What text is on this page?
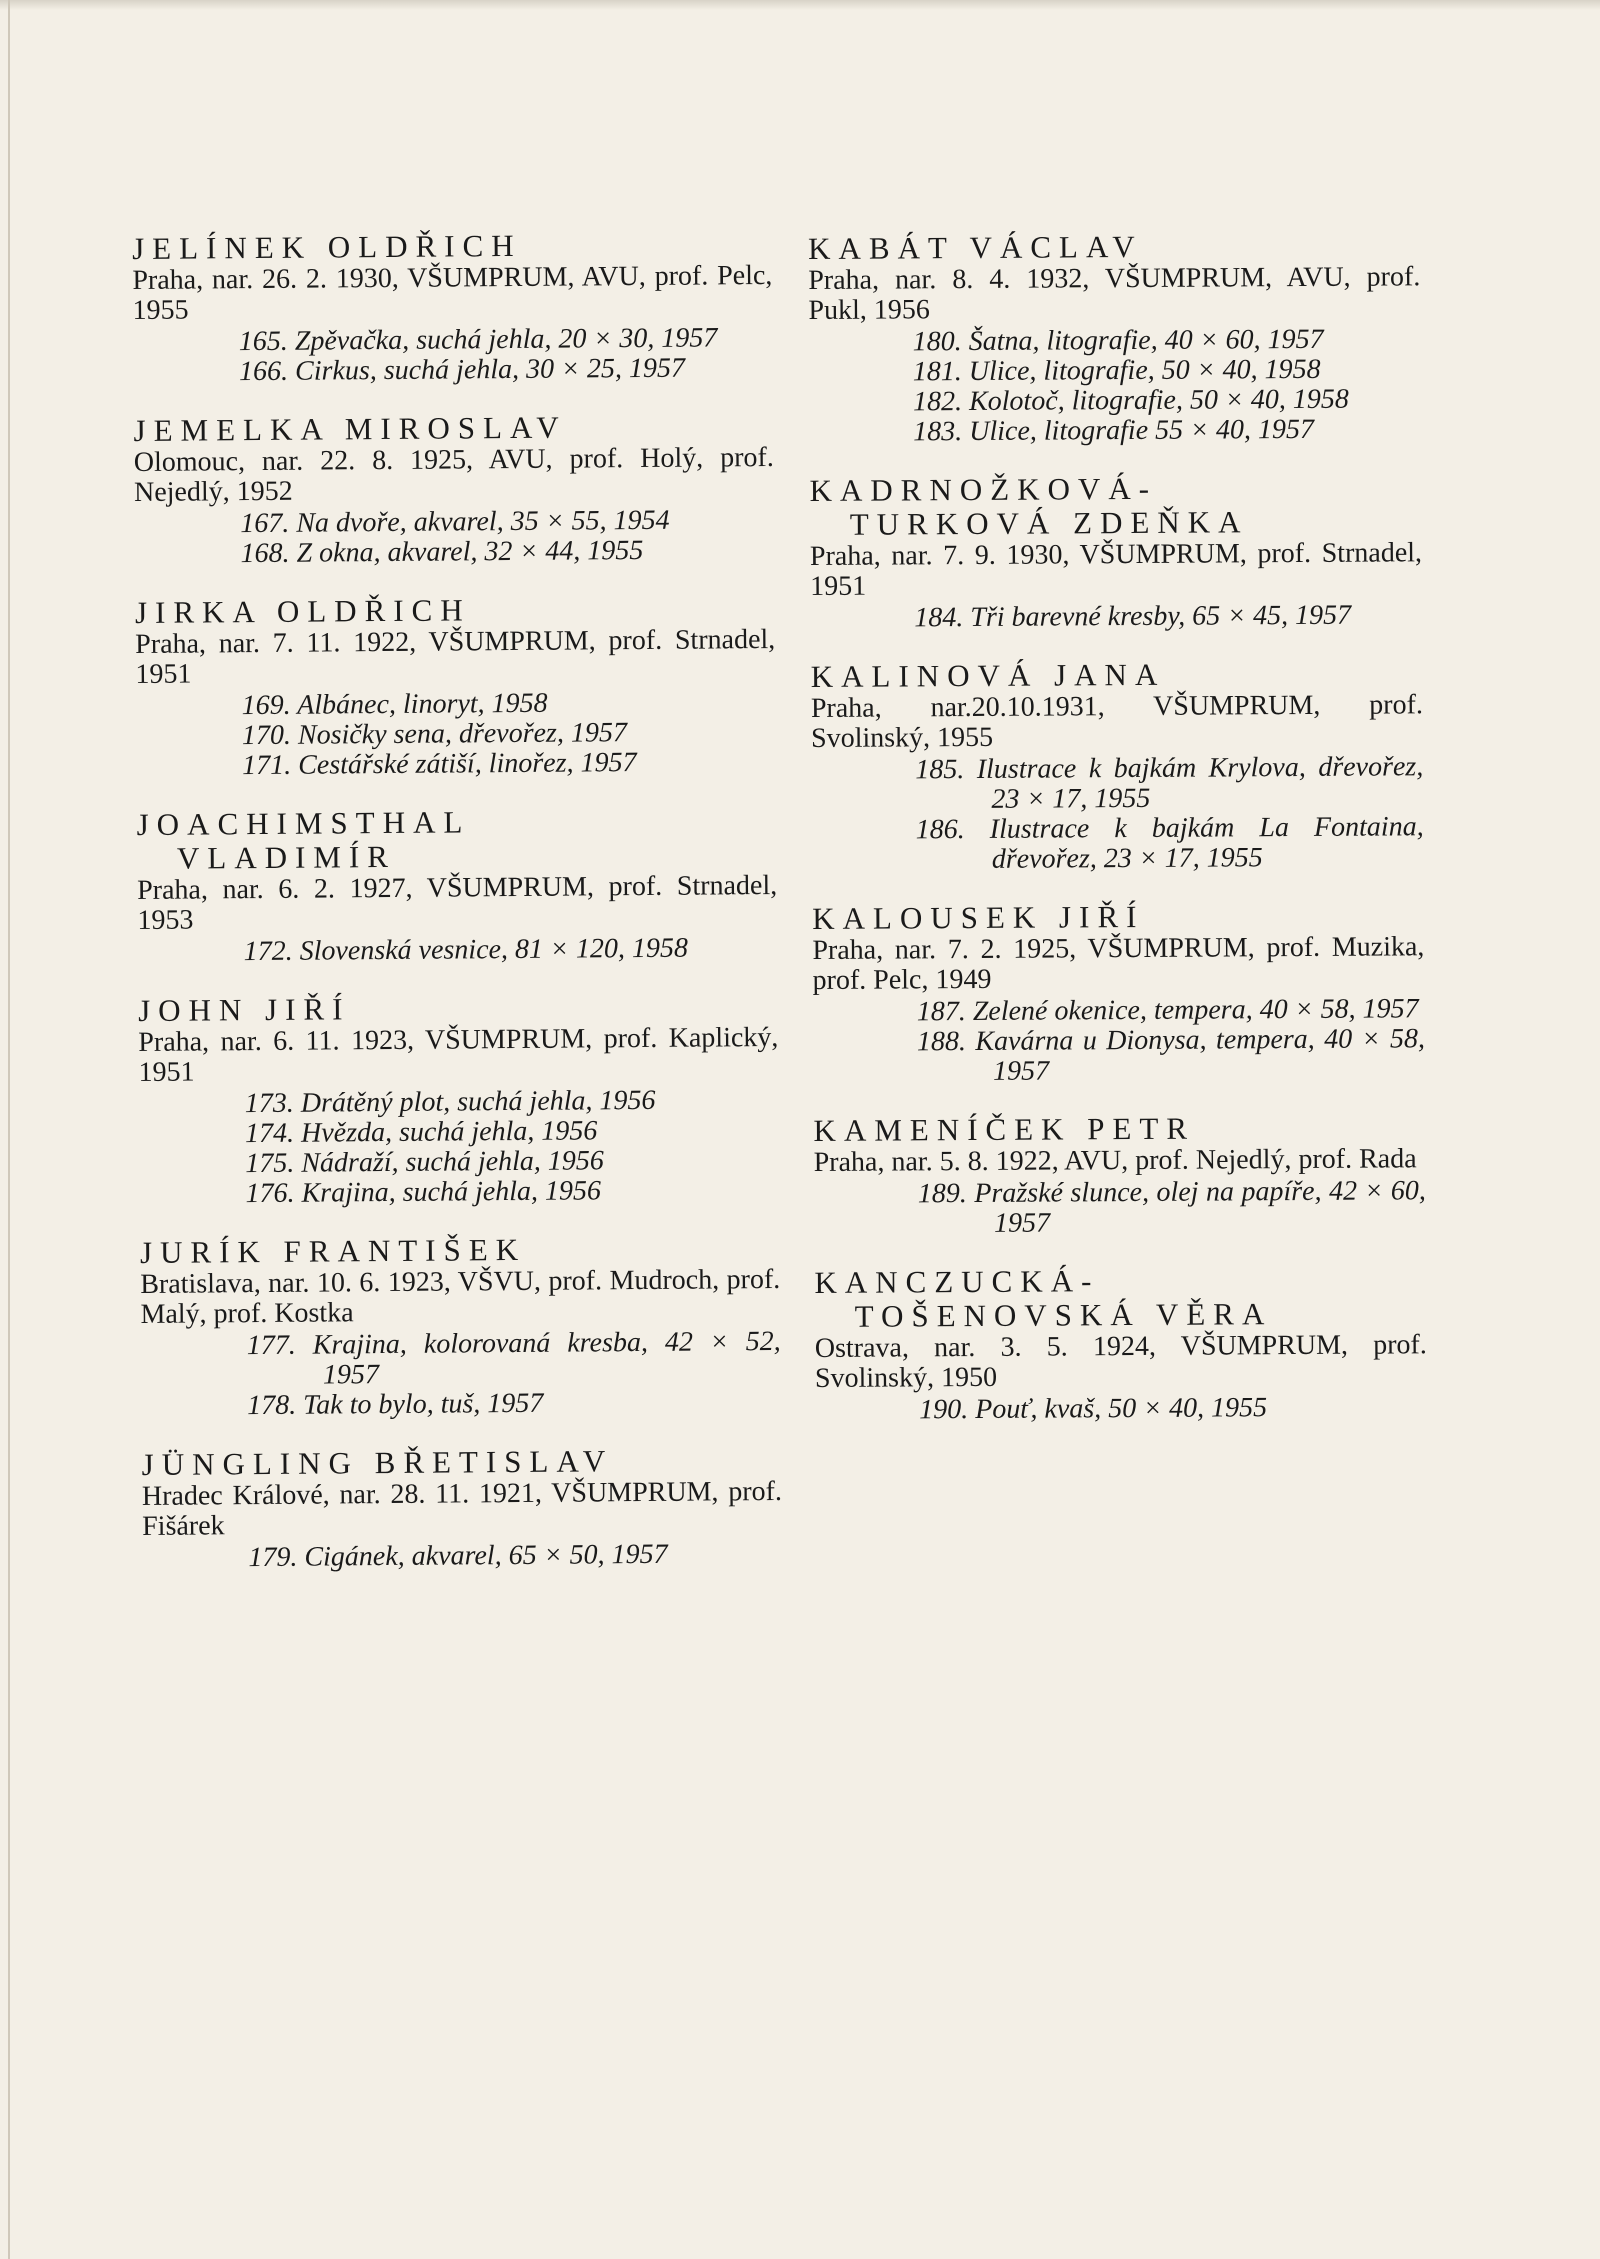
JELÍNEK OLDŘICH
Praha, nar. 26. 2. 1930, VŠUMPRUM, AVU, prof. Pelc, 1955
165. Zpěvačka, suchá jehla, 20 × 30, 1957
166. Cirkus, suchá jehla, 30 × 25, 1957
JEMELKA MIROSLAV
Olomouc, nar. 22. 8. 1925, AVU, prof. Holý, prof. Nejedlý, 1952
167. Na dvoře, akvarel, 35 × 55, 1954
168. Z okna, akvarel, 32 × 44, 1955
JIRKA OLDŘICH
Praha, nar. 7. 11. 1922, VŠUMPRUM, prof. Strnadel, 1951
169. Albánec, linoryt, 1958
170. Nosičky sena, dřevořez, 1957
171. Cestářské zátiší, linořez, 1957
JOACHIMSTHAL
VLADIMÍR
Praha, nar. 6. 2. 1927, VŠUMPRUM, prof. Strnadel, 1953
172. Slovenská vesnice, 81 × 120, 1958
JOHN JIŘÍ
Praha, nar. 6. 11. 1923, VŠUMPRUM, prof. Kaplický, 1951
173. Drátěný plot, suchá jehla, 1956
174. Hvězda, suchá jehla, 1956
175. Nádraží, suchá jehla, 1956
176. Krajina, suchá jehla, 1956
JURÍK FRANTIŠEK
Bratislava, nar. 10. 6. 1923, VŠVU, prof. Mudroch, prof. Malý, prof. Kostka
177. Krajina, kolorovaná kresba, 42 × 52, 1957
178. Tak to bylo, tuš, 1957
JÜNGLING BŘETISLAV
Hradec Králové, nar. 28. 11. 1921, VŠUMPRUM, prof. Fišárek
179. Cigánek, akvarel, 65 × 50, 1957
KABÁT VÁCLAV
Praha, nar. 8. 4. 1932, VŠUMPRUM, AVU, prof. Pukl, 1956
180. Šatna, litografie, 40 × 60, 1957
181. Ulice, litografie, 50 × 40, 1958
182. Kolotoč, litografie, 50 × 40, 1958
183. Ulice, litografie 55 × 40, 1957
KADRNOŽKOVÁ-
TURKOVÁ ZDEŇKA
Praha, nar. 7. 9. 1930, VŠUMPRUM, prof. Strnadel, 1951
184. Tři barevné kresby, 65 × 45, 1957
KALINOVÁ JANA
Praha, nar.20.10.1931, VŠUMPRUM, prof. Svolinský, 1955
185. Ilustrace k bajkám Krylova, dřevořez, 23 × 17, 1955
186. Ilustrace k bajkám La Fontaina, dřevořez, 23 × 17, 1955
KALOUSEK JIŘÍ
Praha, nar. 7. 2. 1925, VŠUMPRUM, prof. Muzika, prof. Pelc, 1949
187. Zelené okenice, tempera, 40 × 58, 1957
188. Kavárna u Dionysa, tempera, 40 × 58, 1957
KAMENÍČEK PETR
Praha, nar. 5. 8. 1922, AVU, prof. Nejedlý, prof. Rada
189. Pražské slunce, olej na papíře, 42 × 60, 1957
KANCZUCKÁ-
TOŠENOVSKÁ VĚRA
Ostrava, nar. 3. 5. 1924, VŠUMPRUM, prof. Svolinský, 1950
190. Pouť, kvaš, 50 × 40, 1955
